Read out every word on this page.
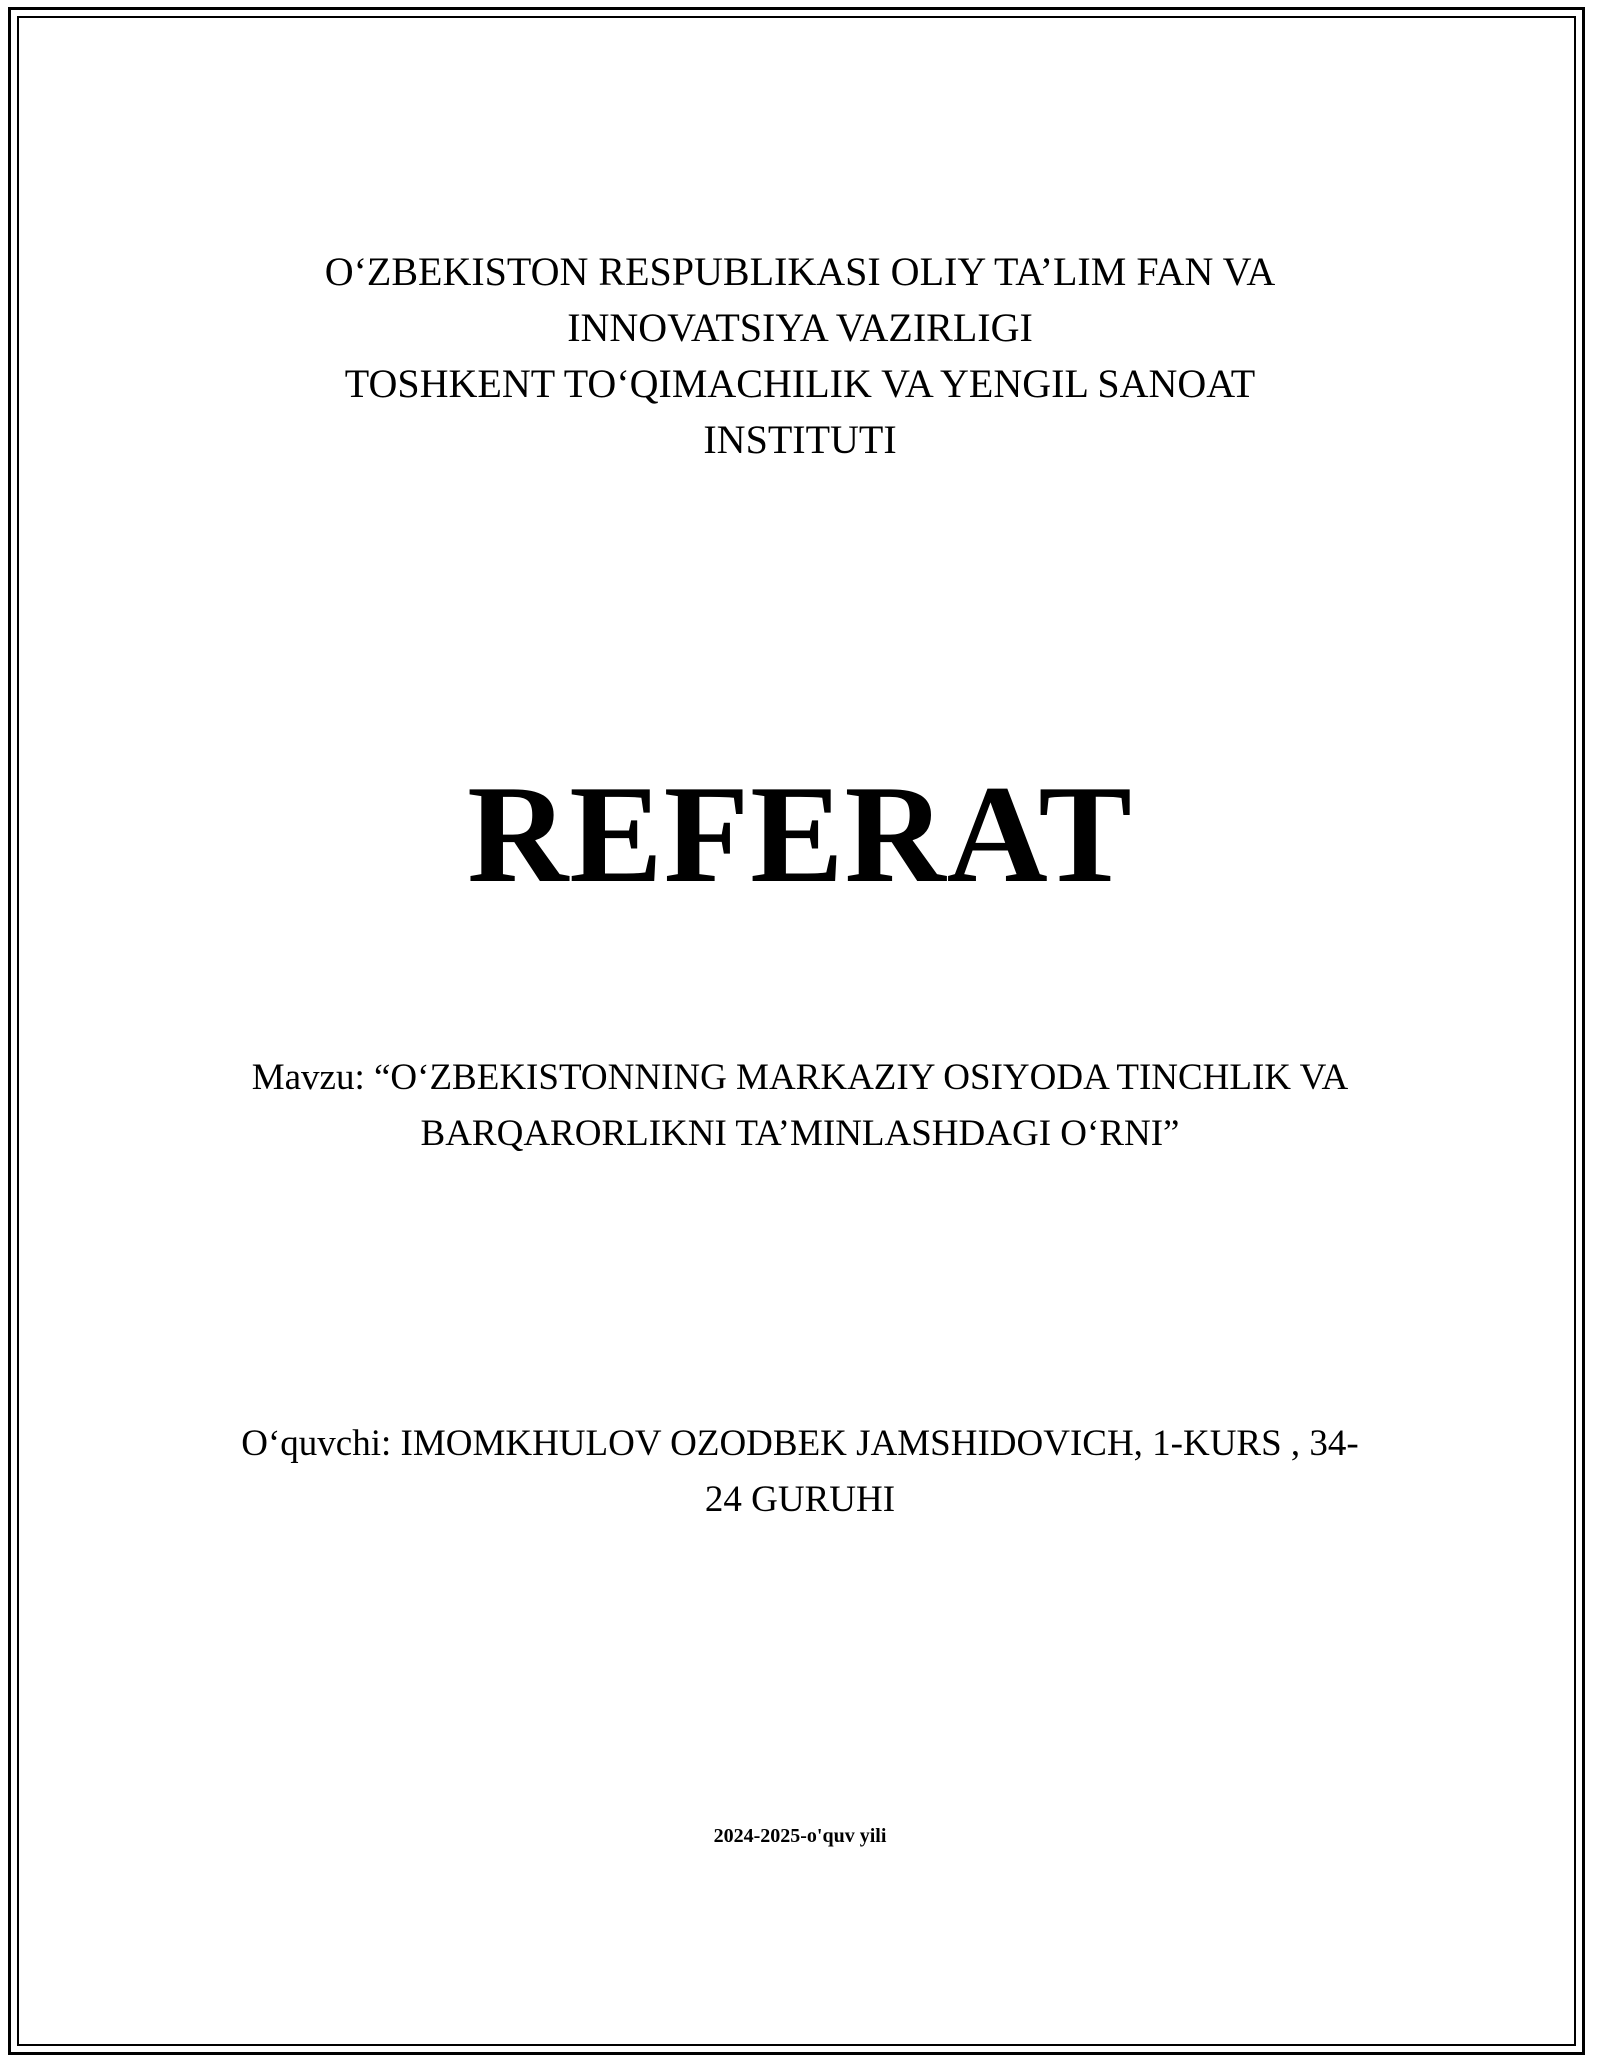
O‘ZBEKISTON RESPUBLIKASI OLIY TA’LIM FAN VA
INNOVATSIYA VAZIRLIGI
TOSHKENT TO‘QIMACHILIK VA YENGIL SANOAT
INSTITUTI
REFERAT
Mavzu: “O‘ZBEKISTONNING MARKAZIY OSIYODA TINCHLIK VA
BARQARORLIKNI TA’MINLASHDAGI O‘RNI”
O‘quvchi: IMOMKHULOV OZODBEK JAMSHIDOVICH, 1-KURS , 34-
24 GURUHI
2024-2025-o'quv yili
